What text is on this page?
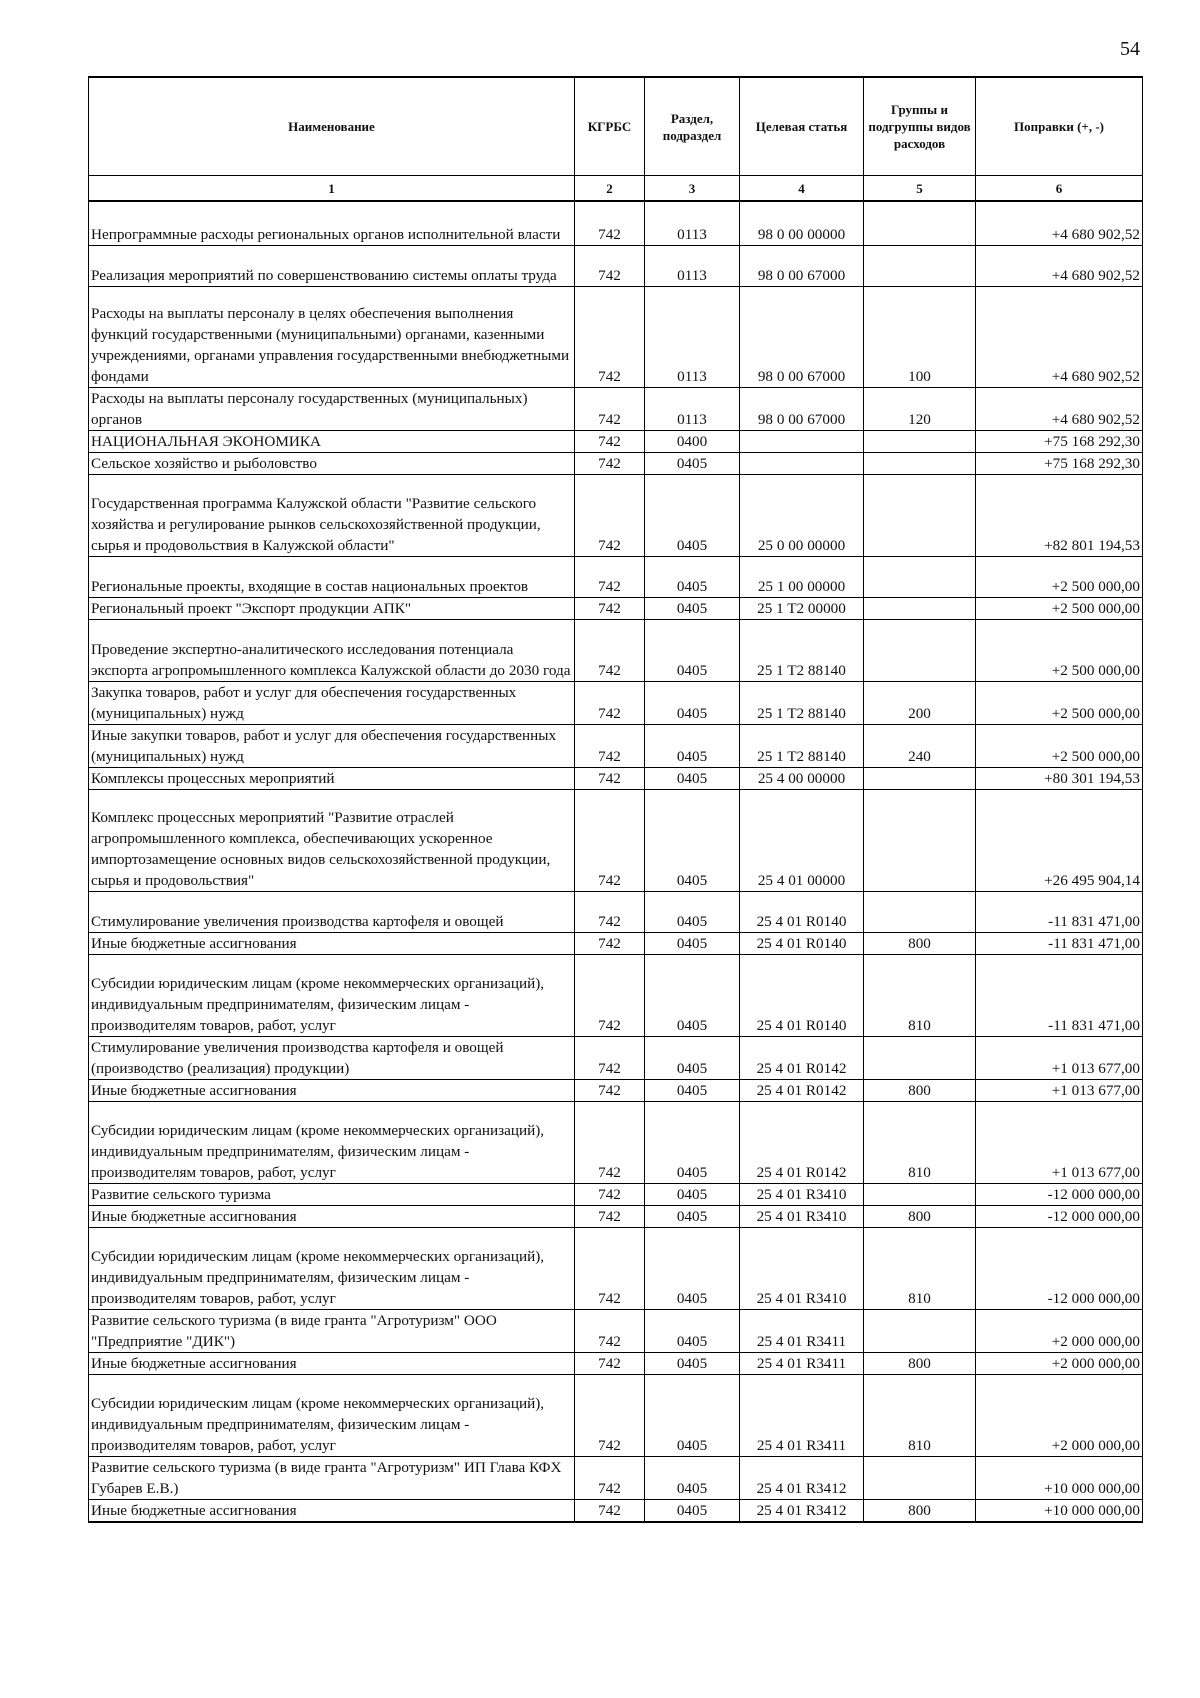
54
Наименование	КГРБС	Раздел, подраздел	Целевая статья	Группы и подгруппы видов расходов	Поправки (+, -)
1	2	3	4	5	6
Непрограммные расходы региональных органов исполнительной власти	742	0113	98 0 00 00000		+4 680 902,52
Реализация мероприятий по совершенствованию системы оплаты труда	742	0113	98 0 00 67000		+4 680 902,52
Расходы на выплаты персоналу в целях обеспечения выполнения функций государственными (муниципальными) органами, казенными учреждениями, органами управления государственными внебюджетными фондами	742	0113	98 0 00 67000	100	+4 680 902,52
Расходы на выплаты персоналу государственных (муниципальных) органов	742	0113	98 0 00 67000	120	+4 680 902,52
НАЦИОНАЛЬНАЯ ЭКОНОМИКА	742	0400			+75 168 292,30
Сельское хозяйство и рыболовство	742	0405			+75 168 292,30
Государственная программа Калужской области "Развитие сельского хозяйства и регулирование рынков сельскохозяйственной продукции, сырья и продовольствия в Калужской области"	742	0405	25 0 00 00000		+82 801 194,53
Региональные проекты, входящие в состав национальных проектов	742	0405	25 1 00 00000		+2 500 000,00
Региональный проект "Экспорт продукции АПК"	742	0405	25 1 T2 00000		+2 500 000,00
Проведение экспертно-аналитического исследования потенциала экспорта агропромышленного комплекса Калужской области до 2030 года	742	0405	25 1 T2 88140		+2 500 000,00
Закупка товаров, работ и услуг для обеспечения государственных (муниципальных) нужд	742	0405	25 1 T2 88140	200	+2 500 000,00
Иные закупки товаров, работ и услуг для обеспечения государственных (муниципальных) нужд	742	0405	25 1 T2 88140	240	+2 500 000,00
Комплексы процессных мероприятий	742	0405	25 4 00 00000		+80 301 194,53
Комплекс процессных мероприятий "Развитие отраслей агропромышленного комплекса, обеспечивающих ускоренное импортозамещение основных видов сельскохозяйственной продукции, сырья и продовольствия"	742	0405	25 4 01 00000		+26 495 904,14
Стимулирование увеличения производства картофеля и овощей	742	0405	25 4 01 R0140		-11 831 471,00
Иные бюджетные ассигнования	742	0405	25 4 01 R0140	800	-11 831 471,00
Субсидии юридическим лицам (кроме некоммерческих организаций), индивидуальным предпринимателям, физическим лицам - производителям товаров, работ, услуг	742	0405	25 4 01 R0140	810	-11 831 471,00
Стимулирование увеличения производства картофеля и овощей (производство (реализация) продукции)	742	0405	25 4 01 R0142		+1 013 677,00
Иные бюджетные ассигнования	742	0405	25 4 01 R0142	800	+1 013 677,00
Субсидии юридическим лицам (кроме некоммерческих организаций), индивидуальным предпринимателям, физическим лицам - производителям товаров, работ, услуг	742	0405	25 4 01 R0142	810	+1 013 677,00
Развитие сельского туризма	742	0405	25 4 01 R3410		-12 000 000,00
Иные бюджетные ассигнования	742	0405	25 4 01 R3410	800	-12 000 000,00
Субсидии юридическим лицам (кроме некоммерческих организаций), индивидуальным предпринимателям, физическим лицам - производителям товаров, работ, услуг	742	0405	25 4 01 R3410	810	-12 000 000,00
Развитие сельского туризма (в виде гранта "Агротуризм" ООО "Предприятие "ДИК")	742	0405	25 4 01 R3411		+2 000 000,00
Иные бюджетные ассигнования	742	0405	25 4 01 R3411	800	+2 000 000,00
Субсидии юридическим лицам (кроме некоммерческих организаций), индивидуальным предпринимателям, физическим лицам - производителям товаров, работ, услуг	742	0405	25 4 01 R3411	810	+2 000 000,00
Развитие сельского туризма (в виде гранта "Агротуризм" ИП Глава КФХ Губарев Е.В.)	742	0405	25 4 01 R3412		+10 000 000,00
Иные бюджетные ассигнования	742	0405	25 4 01 R3412	800	+10 000 000,00
